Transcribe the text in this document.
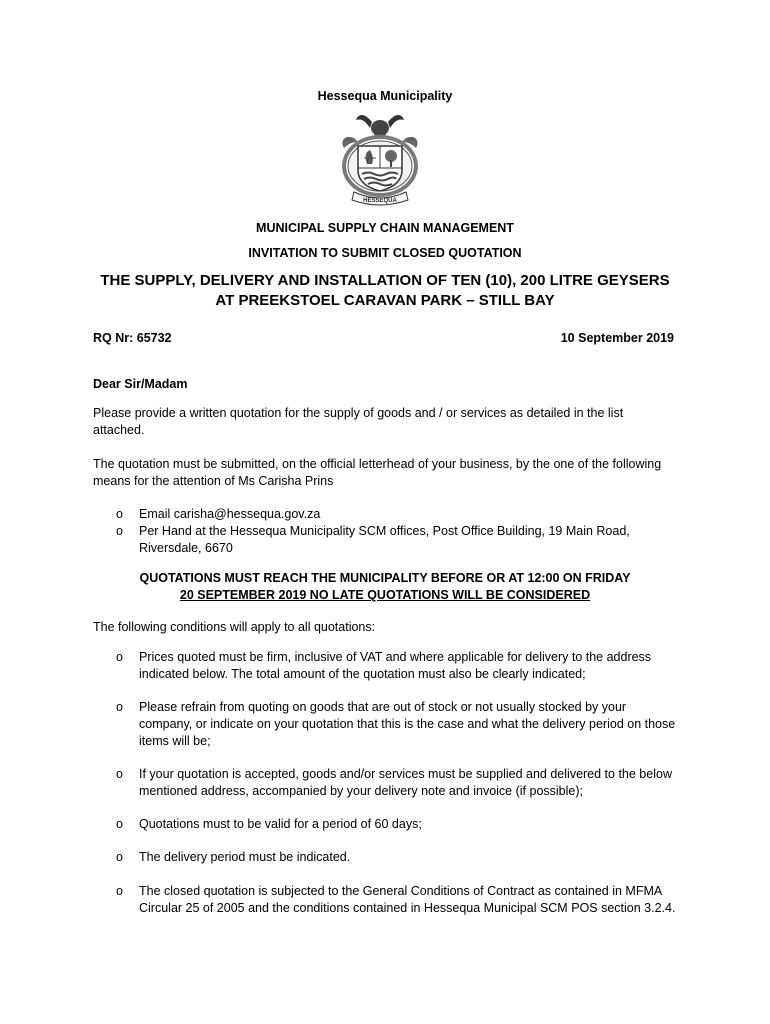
Hessequa Municipality
HESSEQUA
MUNICIPAL SUPPLY CHAIN MANAGEMENT
INVITATION TO SUBMIT CLOSED QUOTATION
THE SUPPLY, DELIVERY AND INSTALLATION OF TEN (10), 200 LITRE GEYSERS
AT PREEKSTOEL CARAVAN PARK – STILL BAY
RQ Nr: 65732	10 September 2019
Dear Sir/Madam
Please provide a written quotation for the supply of goods and / or services as detailed in the list attached.
The quotation must be submitted, on the official letterhead of your business, by the one of the following means for the attention of Ms Carisha Prins
o	Email carisha@hessequa.gov.za
o	Per Hand at the Hessequa Municipality SCM offices, Post Office Building, 19 Main Road, Riversdale, 6670
QUOTATIONS MUST REACH THE MUNICIPALITY BEFORE OR AT 12:00 ON FRIDAY
20 SEPTEMBER 2019 NO LATE QUOTATIONS WILL BE CONSIDERED
The following conditions will apply to all quotations:
o	Prices quoted must be firm, inclusive of VAT and where applicable for delivery to the address indicated below. The total amount of the quotation must also be clearly indicated;
o	Please refrain from quoting on goods that are out of stock or not usually stocked by your company, or indicate on your quotation that this is the case and what the delivery period on those items will be;
o	If your quotation is accepted, goods and/or services must be supplied and delivered to the below mentioned address, accompanied by your delivery note and invoice (if possible);
o	Quotations must to be valid for a period of 60 days;
o	The delivery period must be indicated.
o	The closed quotation is subjected to the General Conditions of Contract as contained in MFMA Circular 25 of 2005 and the conditions contained in Hessequa Municipal SCM POS section 3.2.4.
